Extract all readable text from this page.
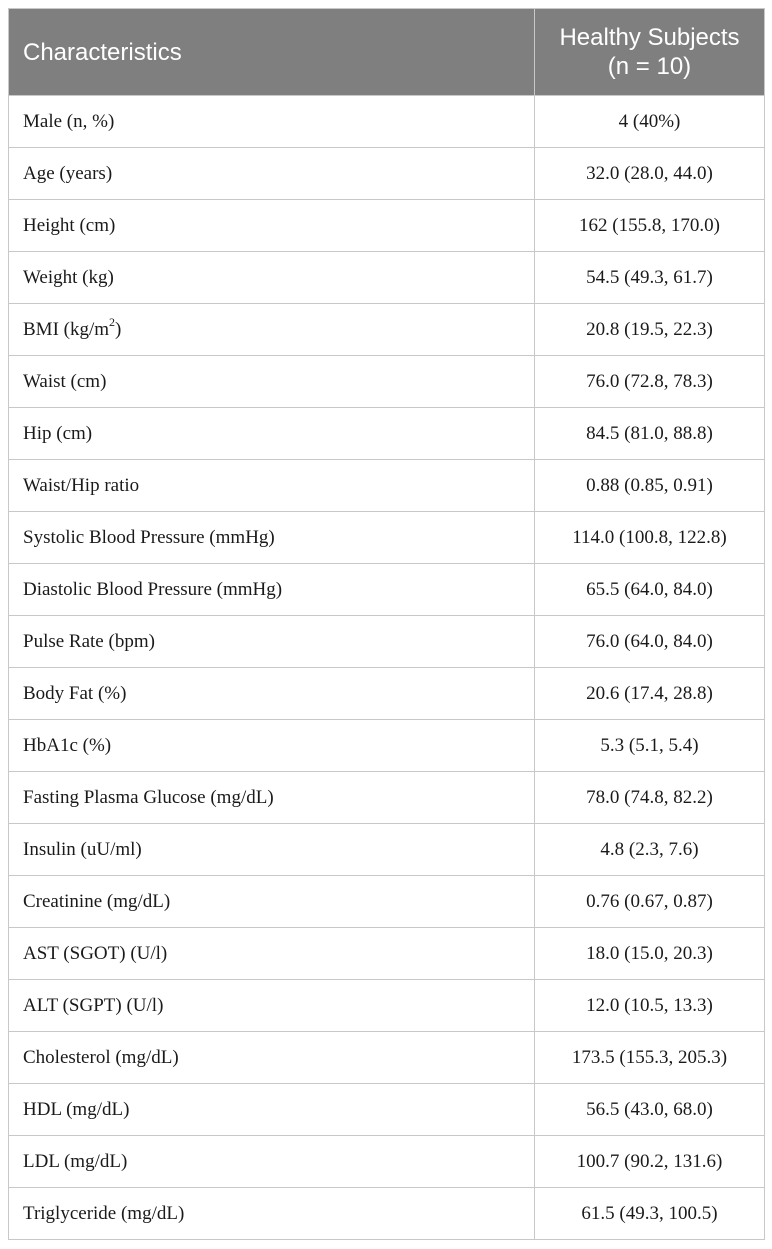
Characteristics	Healthy Subjects
(n = 10)

Male (n, %)	4 (40%)
Age (years)	32.0 (28.0, 44.0)
Height (cm)	162 (155.8, 170.0)
Weight (kg)	54.5 (49.3, 61.7)
BMI $(kg/m^2)$	20.8 (19.5, 22.3)
Waist (cm)	76.0 (72.8, 78.3)
Hip (cm)	84.5 (81.0, 88.8)
Waist/Hip ratio	0.88 (0.85, 0.91)
Systolic Blood Pressure (mmHg)	114.0 (100.8, 122.8)
Diastolic Blood Pressure (mmHg)	65.5 (64.0, 84.0)
Pulse Rate (bpm)	76.0 (64.0, 84.0)
Body Fat (%)	20.6 (17.4, 28.8)
HbA1c (%)	5.3 (5.1, 5.4)
Fasting Plasma Glucose (mg/dL)	78.0 (74.8, 82.2)
Insulin (uU/ml)	4.8 (2.3, 7.6)
Creatinine (mg/dL)	0.76 (0.67, 0.87)
AST (SGOT) (U/l)	18.0 (15.0, 20.3)
ALT (SGPT) (U/l)	12.0 (10.5, 13.3)
Cholesterol (mg/dL)	173.5 (155.3, 205.3)
HDL (mg/dL)	56.5 (43.0, 68.0)
LDL (mg/dL)	100.7 (90.2, 131.6)
Triglyceride (mg/dL)	61.5 (49.3, 100.5)
